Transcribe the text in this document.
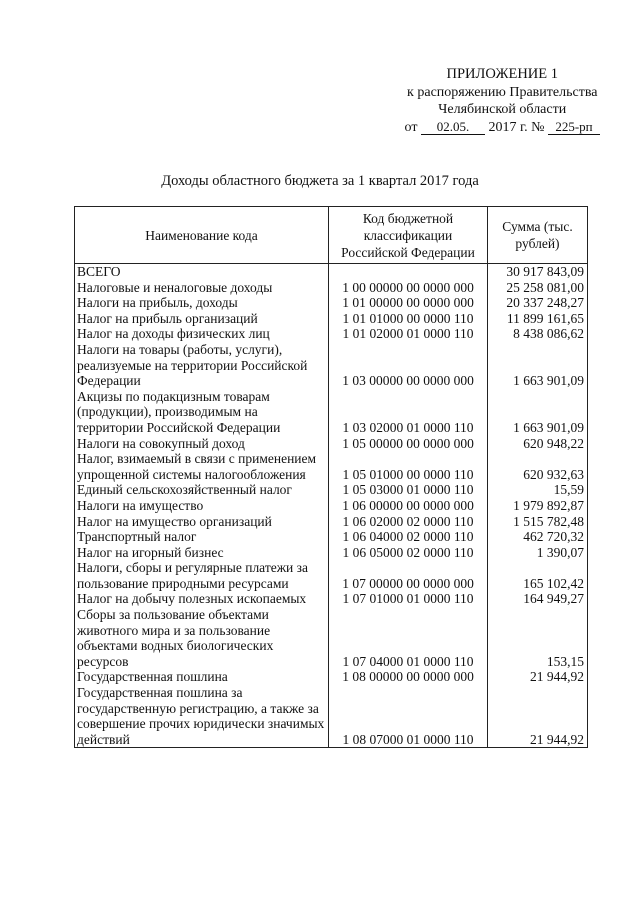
ПРИЛОЖЕНИЕ 1
к распоряжению Правительства
Челябинской области
от 02.05. 2017 г. № 225-рп
Доходы областного бюджета за 1 квартал 2017 года
Наименование кода	Код бюджетной классификации Российской Федерации	Сумма (тыс. рублей)
ВСЕГО		30 917 843,09
Налоговые и неналоговые доходы	1 00 00000 00 0000 000	25 258 081,00
Налоги на прибыль, доходы	1 01 00000 00 0000 000	20 337 248,27
Налог на прибыль организаций	1 01 01000 00 0000 110	11 899 161,65
Налог на доходы физических лиц	1 01 02000 01 0000 110	8 438 086,62
Налоги на товары (работы, услуги), реализуемые на территории Российской Федерации	1 03 00000 00 0000 000	1 663 901,09
Акцизы по подакцизным товарам (продукции), производимым на территории Российской Федерации	1 03 02000 01 0000 110	1 663 901,09
Налоги на совокупный доход	1 05 00000 00 0000 000	620 948,22
Налог, взимаемый в связи с применением упрощенной системы налогообложения	1 05 01000 00 0000 110	620 932,63
Единый сельскохозяйственный налог	1 05 03000 01 0000 110	15,59
Налоги на имущество	1 06 00000 00 0000 000	1 979 892,87
Налог на имущество организаций	1 06 02000 02 0000 110	1 515 782,48
Транспортный налог	1 06 04000 02 0000 110	462 720,32
Налог на игорный бизнес	1 06 05000 02 0000 110	1 390,07
Налоги, сборы и регулярные платежи за пользование природными ресурсами	1 07 00000 00 0000 000	165 102,42
Налог на добычу полезных ископаемых	1 07 01000 01 0000 110	164 949,27
Сборы за пользование объектами животного мира и за пользование объектами водных биологических ресурсов	1 07 04000 01 0000 110	153,15
Государственная пошлина	1 08 00000 00 0000 000	21 944,92
Государственная пошлина за государственную регистрацию, а также за совершение прочих юридически значимых действий	1 08 07000 01 0000 110	21 944,92
